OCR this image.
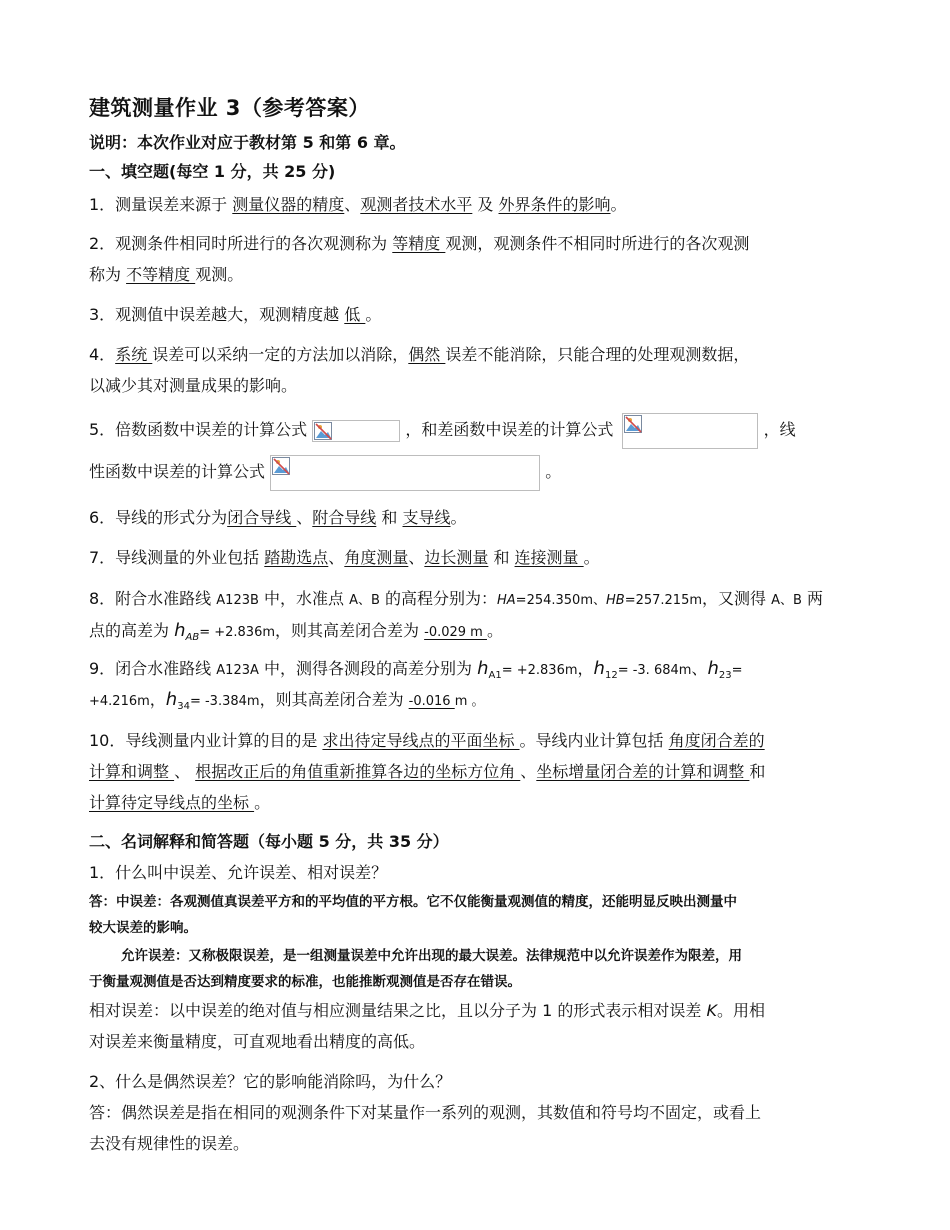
建筑测量作业 3（参考答案）
说明：本次作业对应于教材第 5 和第 6 章。
一、填空题(每空 1 分，共 25 分)
1．测量误差来源于 测量仪器的精度、观测者技术水平 及 外界条件的影响。
2．观测条件相同时所进行的各次观测称为 等精度 观测，观测条件不相同时所进行的各次观测
称为 不等精度 观测。
3．观测值中误差越大，观测精度越 低 。
4．系统 误差可以采纳一定的方法加以消除，偶然 误差不能消除，只能合理的处理观测数据，
以减少其对测量成果的影响。
5．倍数函数中误差的计算公式	，和差函数中误差的计算公式	，线
性函数中误差的计算公式	。
6．导线的形式分为闭合导线 、附合导线 和 支导线。
7．导线测量的外业包括 踏勘选点、角度测量、边长测量 和 连接测量 。
8．附合水准路线 A123B 中，水准点 A、B 的高程分别为：HA=254.350m、HB=257.215m，又测得 A、B 两
点的高差为 $h_{AB}= +2.836m$，则其高差闭合差为 -0.029 m 。
9．闭合水准路线 A123A 中，测得各测段的高差分别为 $h_{A1}= +2.836m$，$h_{12}= -3$. 684m、$h_{23}=$
+4.216m，$h_{34}= -3.384m$，则其高差闭合差为 -0.016 m 。
10．导线测量内业计算的目的是 求出待定导线点的平面坐标 。导线内业计算包括 角度闭合差的
计算和调整 、 根据改正后的角值重新推算各边的坐标方位角 、坐标增量闭合差的计算和调整 和
计算待定导线点的坐标 。
二、名词解释和简答题（每小题 5 分，共 35 分）
1．什么叫中误差、允许误差、相对误差？
答：中误差：各观测值真误差平方和的平均值的平方根。它不仅能衡量观测值的精度，还能明显反映出测量中
较大误差的影响。
允许误差：又称极限误差，是一组测量误差中允许出现的最大误差。法律规范中以允许误差作为限差，用
于衡量观测值是否达到精度要求的标准，也能推断观测值是否存在错误。
相对误差：以中误差的绝对值与相应测量结果之比，且以分子为 1 的形式表示相对误差 K。用相
对误差来衡量精度，可直观地看出精度的高低。
2、什么是偶然误差？它的影响能消除吗，为什么？
答：偶然误差是指在相同的观测条件下对某量作一系列的观测，其数值和符号均不固定，或看上
去没有规律性的误差。
